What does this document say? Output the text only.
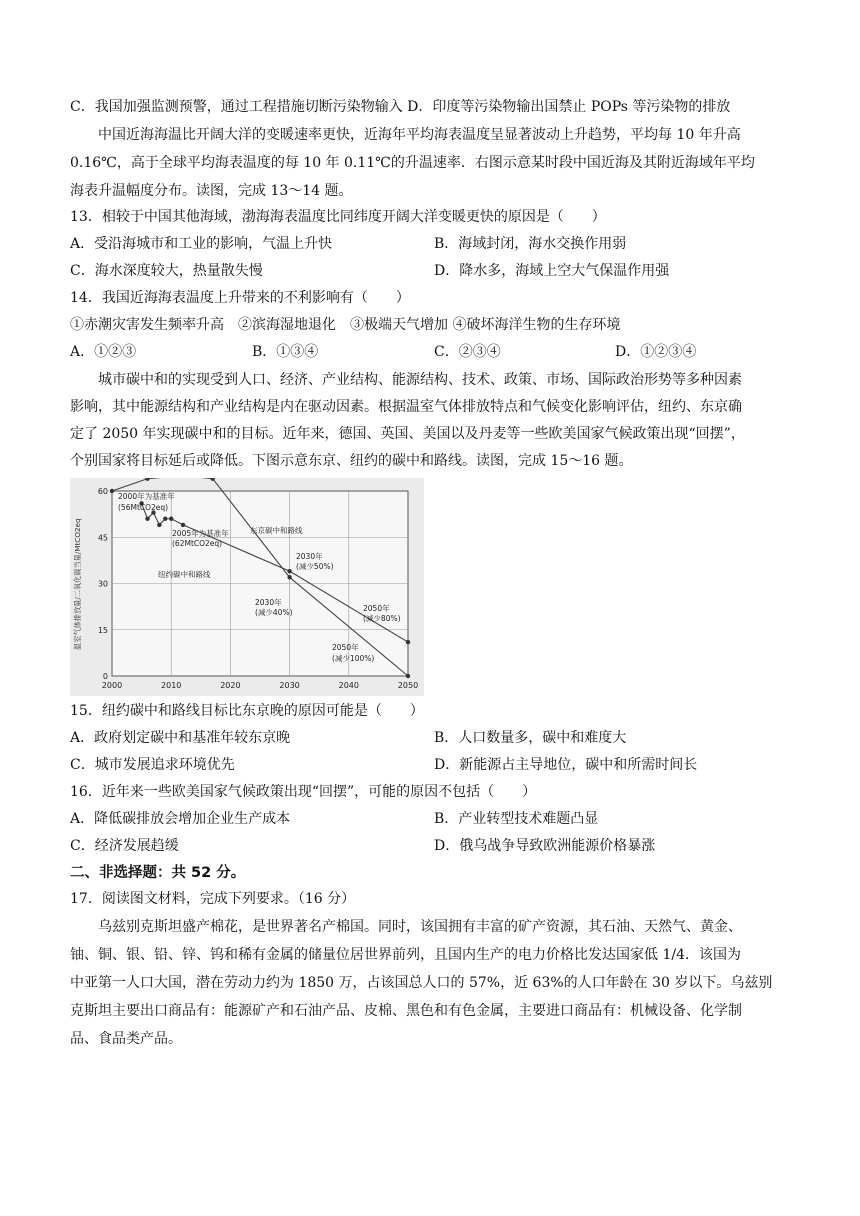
C．我国加强监测预警，通过工程措施切断污染物输入 D．印度等污染物输出国禁止 POPs 等污染物的排放
中国近海海温比开阔大洋的变暖速率更快，近海年平均海表温度呈显著波动上升趋势，平均每 10 年升高
0.16℃，高于全球平均海表温度的每 10 年 0.11℃的升温速率．右图示意某时段中国近海及其附近海域年平均
海表升温幅度分布。读图，完成 13～14 题。
13．相较于中国其他海域，渤海海表温度比同纬度开阔大洋变暖更快的原因是（　　）
A．受沿海城市和工业的影响，气温上升快	B．海域封闭，海水交换作用弱
C．海水深度较大，热量散失慢	D．降水多，海域上空大气保温作用强
14．我国近海海表温度上升带来的不利影响有（　　）
①赤潮灾害发生频率升高　②滨海湿地退化　③极端天气增加 ④破坏海洋生物的生存环境
A．①②③	B．①③④	C．②③④	D．①②③④
城市碳中和的实现受到人口、经济、产业结构、能源结构、技术、政策、市场、国际政治形势等多种因素
影响，其中能源结构和产业结构是内在驱动因素。根据温室气体排放特点和气候变化影响评估，纽约、东京确
定了 2050 年实现碳中和的目标。近年来，德国、英国、美国以及丹麦等一些欧美国家气候政策出现“回摆”，
个别国家将目标延后或降低。下图示意东京、纽约的碳中和路线。读图，完成 15～16 题。
2000	2010	2020	2030	2040	2050
0
15
30
45
60
温室气体排放量/二氧化碳当量/MtCO2eq
2000年为基准年
(56MtCO2eq)
2005年为基准年
(62MtCO2eq)
东京碳中和路线
纽约碳中和路线
2030年
(减少50%)
2030年
(减少40%)	2050年
(减少80%)
2050年
(减少100%)
15．纽约碳中和路线目标比东京晚的原因可能是（　　）
A．政府划定碳中和基准年较东京晚	B．人口数量多，碳中和难度大
C．城市发展追求环境优先	D．新能源占主导地位，碳中和所需时间长
16．近年来一些欧美国家气候政策出现“回摆”，可能的原因不包括（　　）
A．降低碳排放会增加企业生产成本	B．产业转型技术难题凸显
C．经济发展趋缓	D．俄乌战争导致欧洲能源价格暴涨
二、非选择题：共 52 分。
17．阅读图文材料，完成下列要求。（16 分）
乌兹别克斯坦盛产棉花，是世界著名产棉国。同时，该国拥有丰富的矿产资源，其石油、天然气、黄金、
铀、铜、银、铅、锌、钨和稀有金属的储量位居世界前列，且国内生产的电力价格比发达国家低 1/4．该国为
中亚第一人口大国，潜在劳动力约为 1850 万，占该国总人口的 57%，近 63%的人口年龄在 30 岁以下。乌兹别
克斯坦主要出口商品有：能源矿产和石油产品、皮棉、黑色和有色金属，主要进口商品有：机械设备、化学制
品、食品类产品。
